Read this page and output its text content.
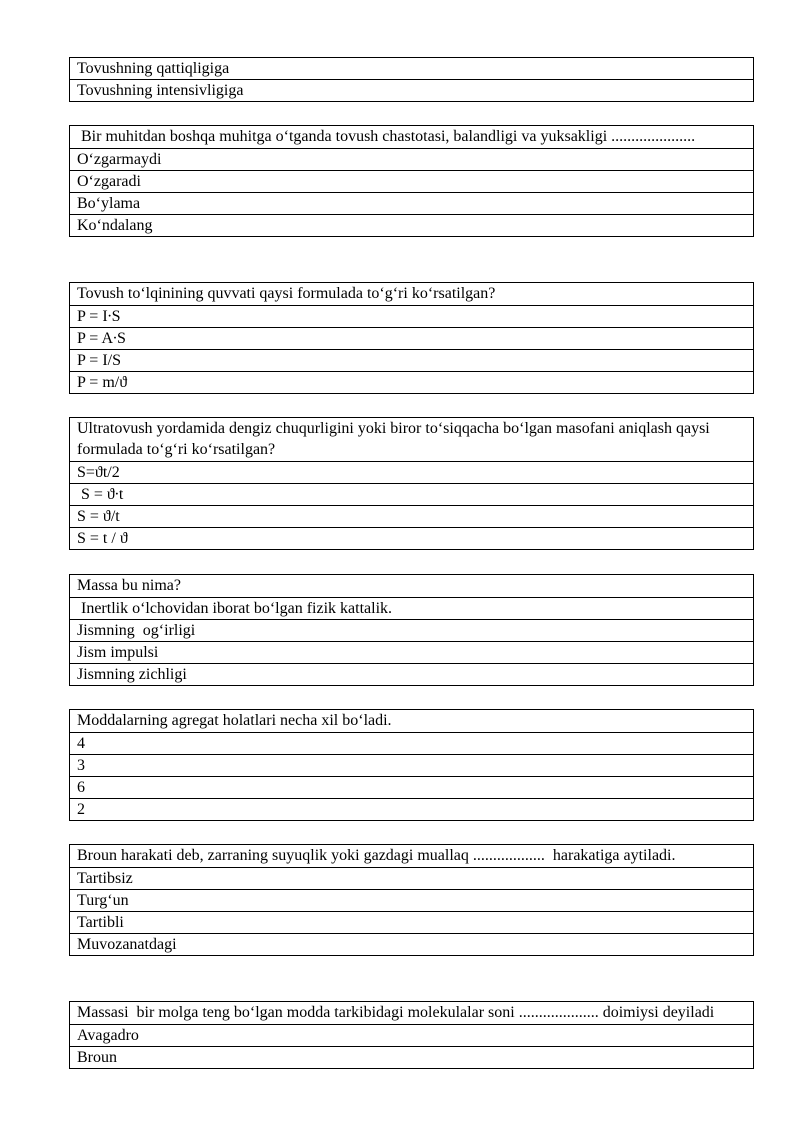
Tovushning qattiqligiga
Tovushning intensivligiga
Bir muhitdan boshqa muhitga o‘tganda tovush chastotasi, balandligi va yuksakligi .....................
O‘zgarmaydi
O‘zgaradi
Bo‘ylama
Ko‘ndalang
Tovush to‘lqinining quvvati qaysi formulada to‘g‘ri ko‘rsatilgan?
P = I∙S
P = A∙S
P = I/S
P = m/ϑ
Ultratovush yordamida dengiz chuqurligini yoki biror to‘siqqacha bo‘lgan masofani aniqlash qaysi formulada to‘g‘ri ko‘rsatilgan?
S=ϑt/2
S = ϑ∙t
S = ϑ/t
S = t / ϑ
Massa bu nima?
Inertlik o‘lchovidan iborat bo‘lgan fizik kattalik.
Jismning  og‘irligi
Jism impulsi
Jismning zichligi
Moddalarning agregat holatlari necha xil bo‘ladi.
4
3
6
2
Broun harakati deb, zarraning suyuqlik yoki gazdagi muallaq ..................  harakatiga aytiladi.
Tartibsiz
Turg‘un
Tartibli
Muvozanatdagi
Massasi  bir molga teng bo‘lgan modda tarkibidagi molekulalar soni .................... doimiysi deyiladi
Avagadro
Broun
